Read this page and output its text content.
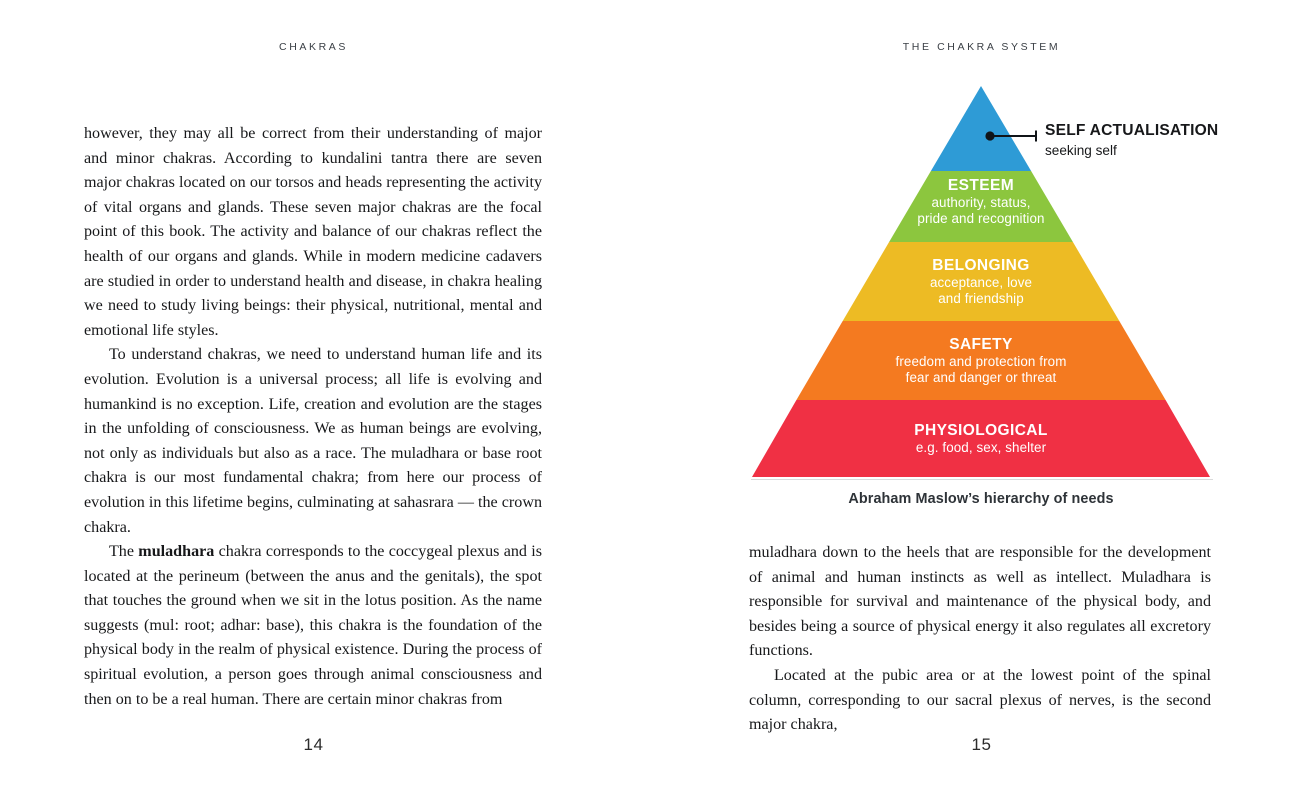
CHAKRAS

however, they may all be correct from their understanding of major and minor chakras. According to kundalini tantra there are seven major chakras located on our torsos and heads representing the activity of vital organs and glands. These seven major chakras are the focal point of this book. The activity and balance of our chakras reflect the health of our organs and glands. While in modern medicine cadavers are studied in order to understand health and disease, in chakra healing we need to study living beings: their physical, nutritional, mental and emotional life styles.

To understand chakras, we need to understand human life and its evolution. Evolution is a universal process; all life is evolving and humankind is no exception. Life, creation and evolution are the stages in the unfolding of consciousness. We as human beings are evolving, not only as individuals but also as a race. The muladhara or base root chakra is our most fundamental chakra; from here our process of evolution in this lifetime begins, culminating at sahasrara — the crown chakra.

The muladhara chakra corresponds to the coccygeal plexus and is located at the perineum (between the anus and the genitals), the spot that touches the ground when we sit in the lotus position. As the name suggests (mul: root; adhar: base), this chakra is the foundation of the physical body in the realm of physical existence. During the process of spiritual evolution, a person goes through animal consciousness and then on to be a real human. There are certain minor chakras from

14
THE CHAKRA SYSTEM
ESTEEM
authority, status,
pride and recognition
BELONGING
acceptance, love
and friendship
SAFETY
freedom and protection from
fear and danger or threat
PHYSIOLOGICAL
e.g. food, sex, shelter
SELF ACTUALISATION
seeking self
Abraham Maslow’s hierarchy of needs

muladhara down to the heels that are responsible for the development of animal and human instincts as well as intellect. Muladhara is responsible for survival and maintenance of the physical body, and besides being a source of physical energy it also regulates all excretory functions.

Located at the pubic area or at the lowest point of the spinal column, corresponding to our sacral plexus of nerves, is the second major chakra,

15
